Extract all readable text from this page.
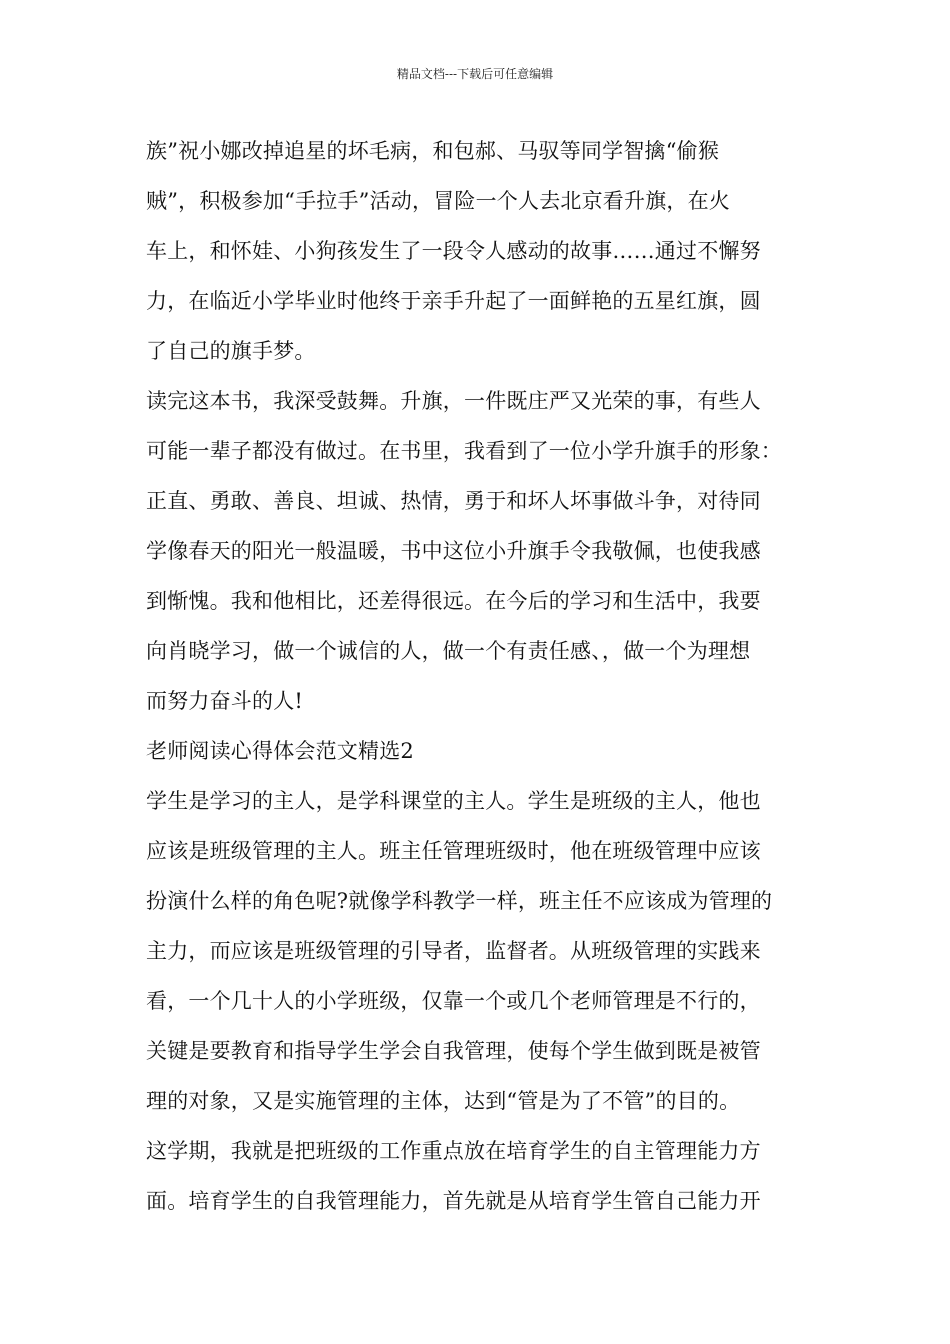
精品文档---下载后可任意编辑
族”祝小娜改掉追星的坏毛病，和包郝、马驭等同学智擒“偷猴
贼”，积极参加“手拉手”活动，冒险一个人去北京看升旗，在火
车上，和怀娃、小狗孩发生了一段令人感动的故事……通过不懈努
力，在临近小学毕业时他终于亲手升起了一面鲜艳的五星红旗，圆
了自己的旗手梦。
读完这本书，我深受鼓舞。升旗，一件既庄严又光荣的事，有些人
可能一辈子都没有做过。在书里，我看到了一位小学升旗手的形象：
正直、勇敢、善良、坦诚、热情，勇于和坏人坏事做斗争，对待同
学像春天的阳光一般温暖，书中这位小升旗手令我敬佩，也使我感
到惭愧。我和他相比，还差得很远。在今后的学习和生活中，我要
向肖晓学习，做一个诚信的人，做一个有责任感、，做一个为理想
而努力奋斗的人!
老师阅读心得体会范文精选2
学生是学习的主人，是学科课堂的主人。学生是班级的主人，他也
应该是班级管理的主人。班主任管理班级时，他在班级管理中应该
扮演什么样的角色呢?就像学科教学一样，班主任不应该成为管理的
主力，而应该是班级管理的引导者，监督者。从班级管理的实践来
看，一个几十人的小学班级，仅靠一个或几个老师管理是不行的，
关键是要教育和指导学生学会自我管理，使每个学生做到既是被管
理的对象，又是实施管理的主体，达到“管是为了不管”的目的。
这学期，我就是把班级的工作重点放在培育学生的自主管理能力方
面。培育学生的自我管理能力，首先就是从培育学生管自己能力开
